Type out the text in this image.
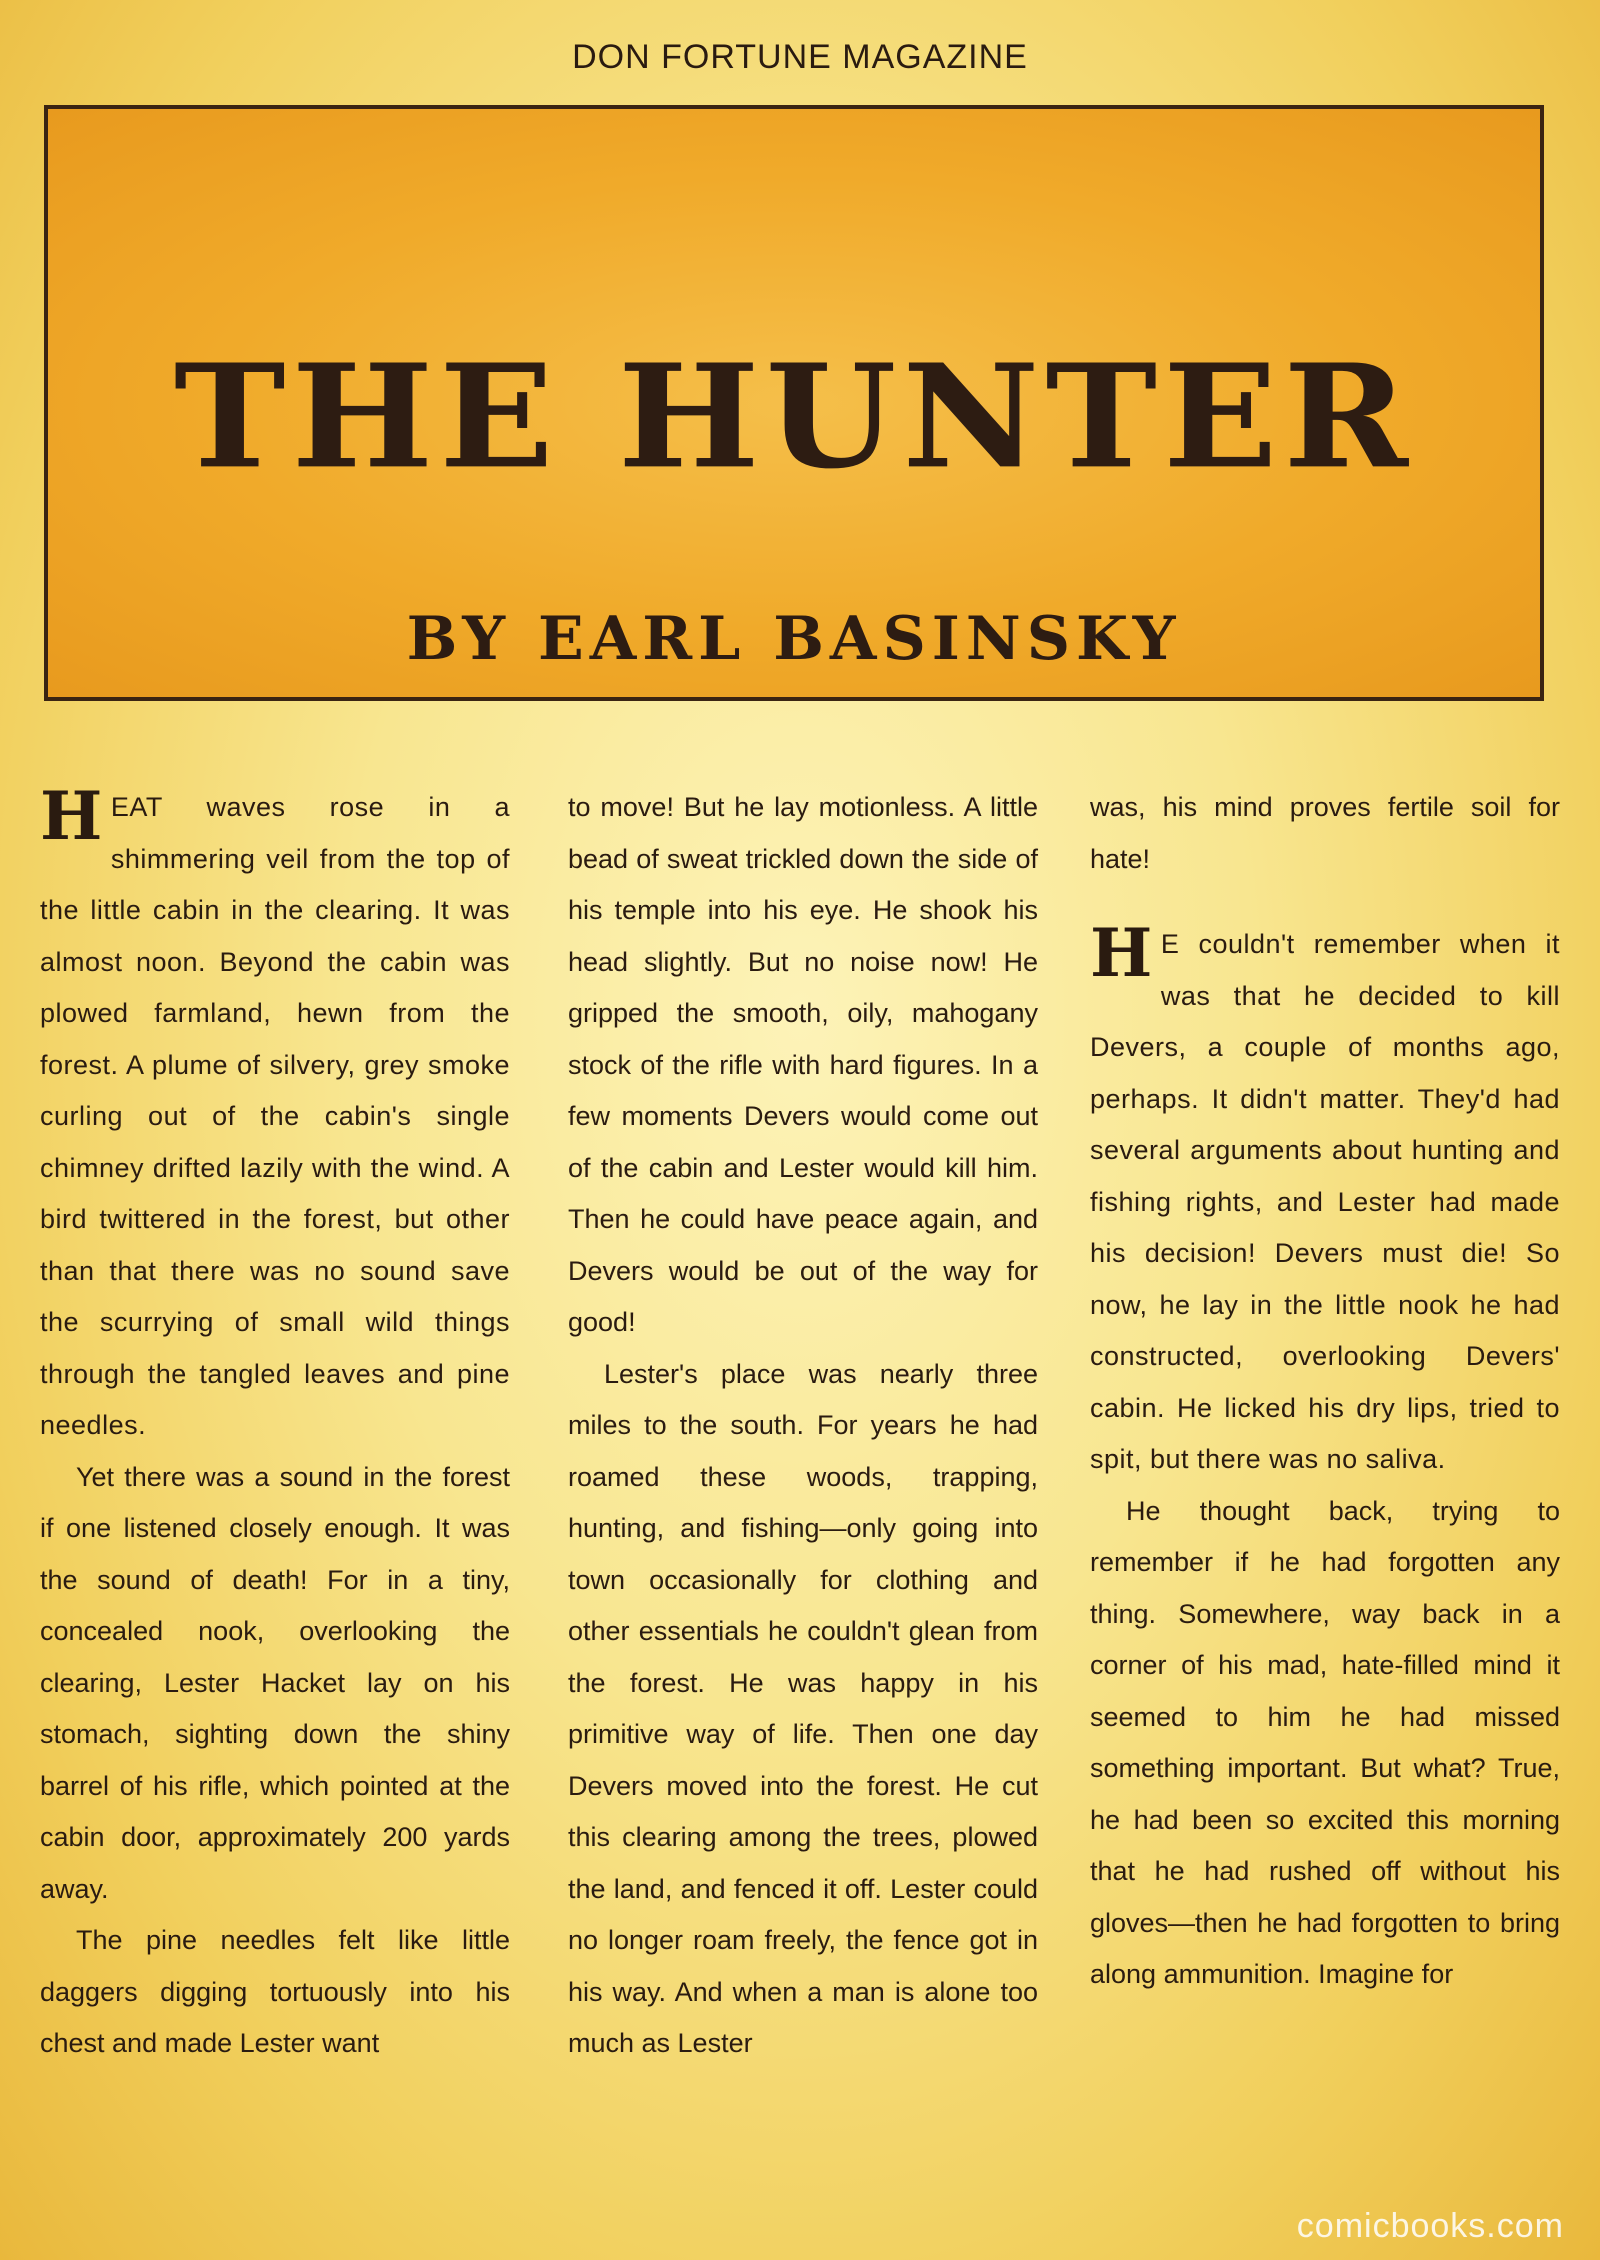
DON FORTUNE MAGAZINE
THE HUNTER
BY EARL BASINSKY

HEAT waves rose in a shimmering veil from the top of the little cabin in the clearing. It was almost noon. Beyond the cabin was plowed farmland, hewn from the forest. A plume of silvery, grey smoke curling out of the cabin's single chimney drifted lazily with the wind. A bird twittered in the forest, but other than that there was no sound save the scurrying of small wild things through the tangled leaves and pine needles.

Yet there was a sound in the forest if one listened closely enough. It was the sound of death! For in a tiny, concealed nook, overlooking the clearing, Lester Hacket lay on his stomach, sighting down the shiny barrel of his rifle, which pointed at the cabin door, approximately 200 yards away.

The pine needles felt like little daggers digging tortuously into his chest and made Lester want

to move! But he lay motionless. A little bead of sweat trickled down the side of his temple into his eye. He shook his head slightly. But no noise now! He gripped the smooth, oily, mahogany stock of the rifle with hard figures. In a few moments Devers would come out of the cabin and Lester would kill him. Then he could have peace again, and Devers would be out of the way for good!

Lester's place was nearly three miles to the south. For years he had roamed these woods, trapping, hunting, and fishing—only going into town occasionally for clothing and other essentials he couldn't glean from the forest. He was happy in his primitive way of life. Then one day Devers moved into the forest. He cut this clearing among the trees, plowed the land, and fenced it off. Lester could no longer roam freely, the fence got in his way. And when a man is alone too much as Lester

was, his mind proves fertile soil for hate!

H E couldn't remember when it was that he decided to kill Devers, a couple of months ago, perhaps. It didn't matter. They'd had several arguments about hunting and fishing rights, and Lester had made his decision! Devers must die! So now, he lay in the little nook he had constructed, overlooking Devers' cabin. He licked his dry lips, tried to spit, but there was no saliva.

He thought back, trying to remember if he had forgotten any thing. Somewhere, way back in a corner of his mad, hate-filled mind it seemed to him he had missed something important. But what? True, he had been so excited this morning that he had rushed off without his gloves—then he had forgotten to bring along ammunition. Imagine for

comicbooks.com
